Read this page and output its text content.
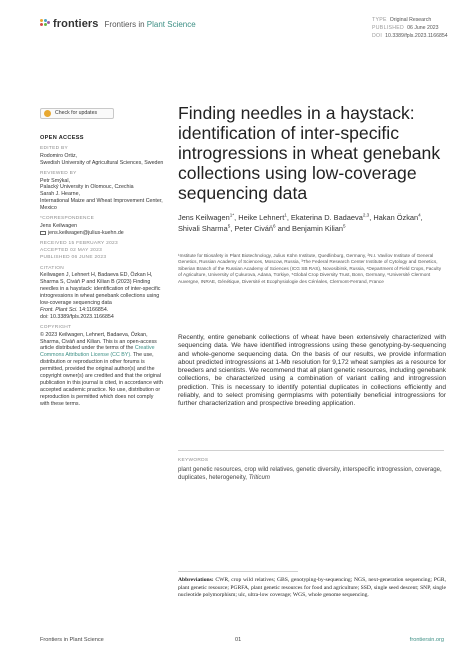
frontiers Frontiers in Plant Science	TYPE Original Research
PUBLISHED 06 June 2023
DOI 10.3389/fpls.2023.1166854
Check for updates
OPEN ACCESS
EDITED BY
Rodomiro Ortiz,
Swedish University of Agricultural Sciences, Sweden
REVIEWED BY
Petr Smýkal,
Palacký University in Olomouc, Czechia
Sarah J. Hearne,
International Maize and Wheat Improvement Center, Mexico
*CORRESPONDENCE
Jens Keilwagen
jens.keilwagen@julius-kuehn.de
RECEIVED 15 FEBRUARY 2023
ACCEPTED 02 MAY 2023
PUBLISHED 06 JUNE 2023
CITATION
Keilwagen J, Lehnert H, Badaeva ED, Özkan H, Sharma S, Civáň P and Kilian B (2023) Finding needles in a haystack: identification of inter-specific introgressions in wheat genebank collections using low-coverage sequencing data
Front. Plant Sci. 14:1166854.
doi: 10.3389/fpls.2023.1166854
COPYRIGHT
© 2023 Keilwagen, Lehnert, Badaeva, Özkan, Sharma, Civáň and Kilian. This is an open-access article distributed under the terms of the Creative Commons Attribution License (CC BY). The use, distribution or reproduction in other forums is permitted, provided the original author(s) and the copyright owner(s) are credited and that the original publication in this journal is cited, in accordance with accepted academic practice. No use, distribution or reproduction is permitted which does not comply with these terms.
Finding needles in a haystack: identification of inter-specific introgressions in wheat genebank collections using low-coverage sequencing data
Jens Keilwagen$^{1*}$, Heike Lehnert$^1$, Ekaterina D. Badaeva$^{2,3}$, Hakan Özkan$^4$, Shivali Sharma$^5$, Peter Civáň$^6$ and Benjamin Kilian$^5$
¹Institute for Biosafety in Plant Biotechnology, Julius Kühn Institute, Quedlinburg, Germany, ²N.I. Vavilov Institute of General Genetics, Russian Academy of Sciences, Moscow, Russia, ³The Federal Research Center Institute of Cytology and Genetics, Siberian Branch of the Russian Academy of Sciences (ICG SB RAS), Novosibirsk, Russia, ⁴Department of Field Crops, Faculty of Agriculture, University of Çukurova, Adana, Türkiye, ⁵Global Crop Diversity Trust, Bonn, Germany, ⁶Université Clermont Auvergne, INRAE, Génétique, Diversité et Ecophysiologie des Céréales, Clermont-Ferrand, France
Recently, entire genebank collections of wheat have been extensively characterized with sequencing data. We have identified introgressions using these genotyping-by-sequencing and whole-genome sequencing data. On the basis of our results, we provide information about predicted introgressions at 1-Mb resolution for 9,172 wheat samples as a resource for breeders and scientists. We recommend that all plant genetic resources, including genebank collections, be characterized using a combination of variant calling and introgression prediction. This is necessary to identify potential duplicates in collections efficiently and reliably, and to select promising germplasms with potentially beneficial introgressions for further characterization and prospective breeding application.
KEYWORDS
plant genetic resources, crop wild relatives, genetic diversity, interspecific introgression, coverage, duplicates, heterogeneity, Triticum
Abbreviations: CWR, crop wild relatives; GBS, genotyping-by-sequencing; NGS, next-generation sequencing; PGR, plant genetic resource; PGRFA, plant genetic resources for food and agriculture; SSD, single seed descent; SNP, single nucleotide polymorphism; ulc, ultra-low coverage; WGS, whole genome sequencing.
Frontiers in Plant Science	01	frontiersin.org
